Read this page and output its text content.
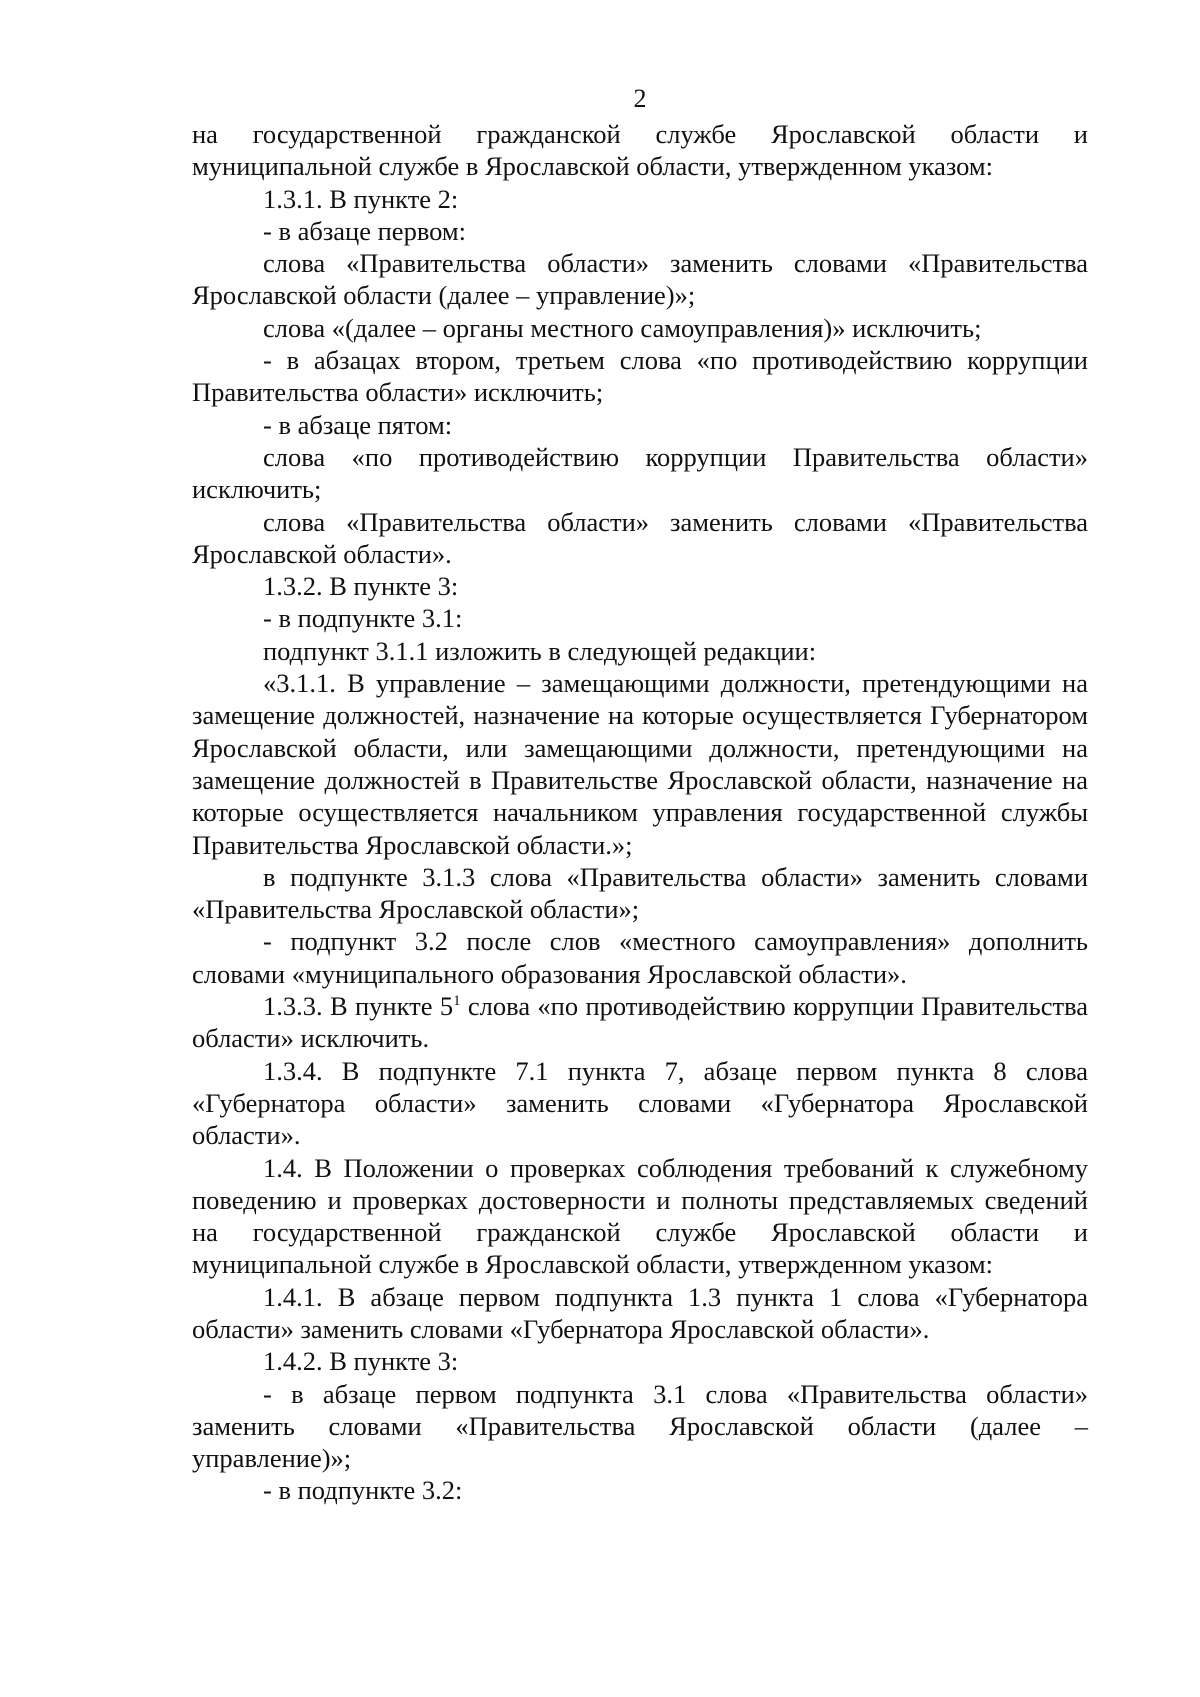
2

на государственной гражданской службе Ярославской области и муниципальной службе в Ярославской области, утвержденном указом:

1.3.1. В пункте 2:

- в абзаце первом:

слова «Правительства области» заменить словами «Правительства Ярославской области (далее – управление)»;

слова «(далее – органы местного самоуправления)» исключить;

- в абзацах втором, третьем слова «по противодействию коррупции Правительства области» исключить;

- в абзаце пятом:

слова «по противодействию коррупции Правительства области» исключить;

слова «Правительства области» заменить словами «Правительства Ярославской области».

1.3.2. В пункте 3:

- в подпункте 3.1:

подпункт 3.1.1 изложить в следующей редакции:

«3.1.1. В управление – замещающими должности, претендующими на замещение должностей, назначение на которые осуществляется Губернатором Ярославской области, или замещающими должности, претендующими на замещение должностей в Правительстве Ярославской области, назначение на которые осуществляется начальником управления государственной службы Правительства Ярославской области.»;

в подпункте 3.1.3 слова «Правительства области» заменить словами «Правительства Ярославской области»;

- подпункт 3.2 после слов «местного самоуправления» дополнить словами «муниципального образования Ярославской области».

1.3.3. В пункте $5^1$ слова «по противодействию коррупции Правительства области» исключить.

1.3.4. В подпункте 7.1 пункта 7, абзаце первом пункта 8 слова «Губернатора области» заменить словами «Губернатора Ярославской области».

1.4. В Положении о проверках соблюдения требований к служебному поведению и проверках достоверности и полноты представляемых сведений на государственной гражданской службе Ярославской области и муниципальной службе в Ярославской области, утвержденном указом:

1.4.1. В абзаце первом подпункта 1.3 пункта 1 слова «Губернатора области» заменить словами «Губернатора Ярославской области».

1.4.2. В пункте 3:

- в абзаце первом подпункта 3.1 слова «Правительства области» заменить словами «Правительства Ярославской области (далее – управление)»;

- в подпункте 3.2:
